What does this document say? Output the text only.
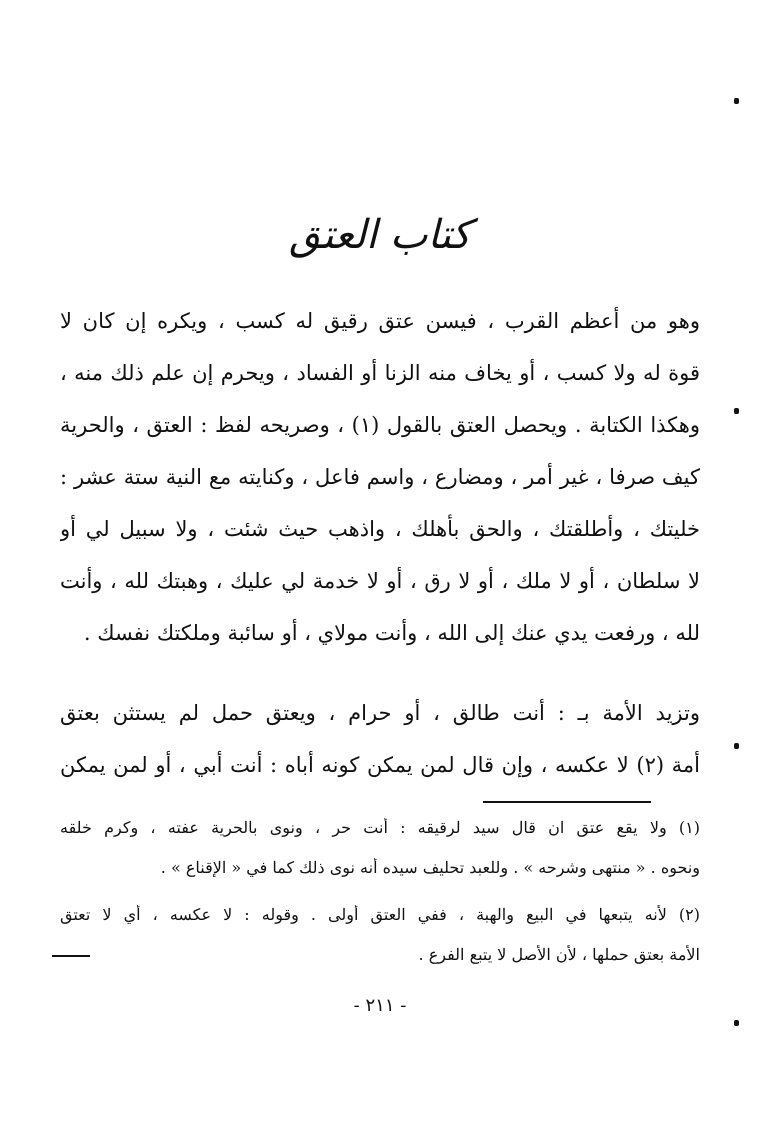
كتاب العتق
وهو من أعظم القرب ، فيسن عتق رقيق له كسب ، ويكره إن كان لا
قوة له ولا كسب ، أو يخاف منه الزنا أو الفساد ، ويحرم إن علم ذلك منه ،
وهكذا الكتابة . ويحصل العتق بالقول (١) ، وصريحه لفظ : العتق ، والحرية
كيف صرفا ، غير أمر ، ومضارع ، واسم فاعل ، وكنايته مع النية ستة عشر :
خليتك ، وأطلقتك ، والحق بأهلك ، واذهب حيث شئت ، ولا سبيل لي أو
لا سلطان ، أو لا ملك ، أو لا رق ، أو لا خدمة لي عليك ، وهبتك لله ، وأنت
لله ، ورفعت يدي عنك إلى الله ، وأنت مولاي ، أو سائبة وملكتك نفسك .
وتزيد الأمة بـ : أنت طالق ، أو حرام ، ويعتق حمل لم يستثن بعتق
أمة (٢) لا عكسه ، وإن قال لمن يمكن كونه أباه : أنت أبي ، أو لمن يمكن
(١) ولا يقع عتق ان قال سيد لرقيقه : أنت حر ، ونوى بالحرية عفته ، وكرم خلقه
ونحوه . « منتهى وشرحه » . وللعبد تحليف سيده أنه نوى ذلك كما في « الإقناع » .
(٢) لأنه يتبعها في البيع والهبة ، ففي العتق أولى . وقوله : لا عكسه ، أي لا تعتق
الأمة بعتق حملها ، لأن الأصل لا يتبع الفرع .
- ٢١١ -
